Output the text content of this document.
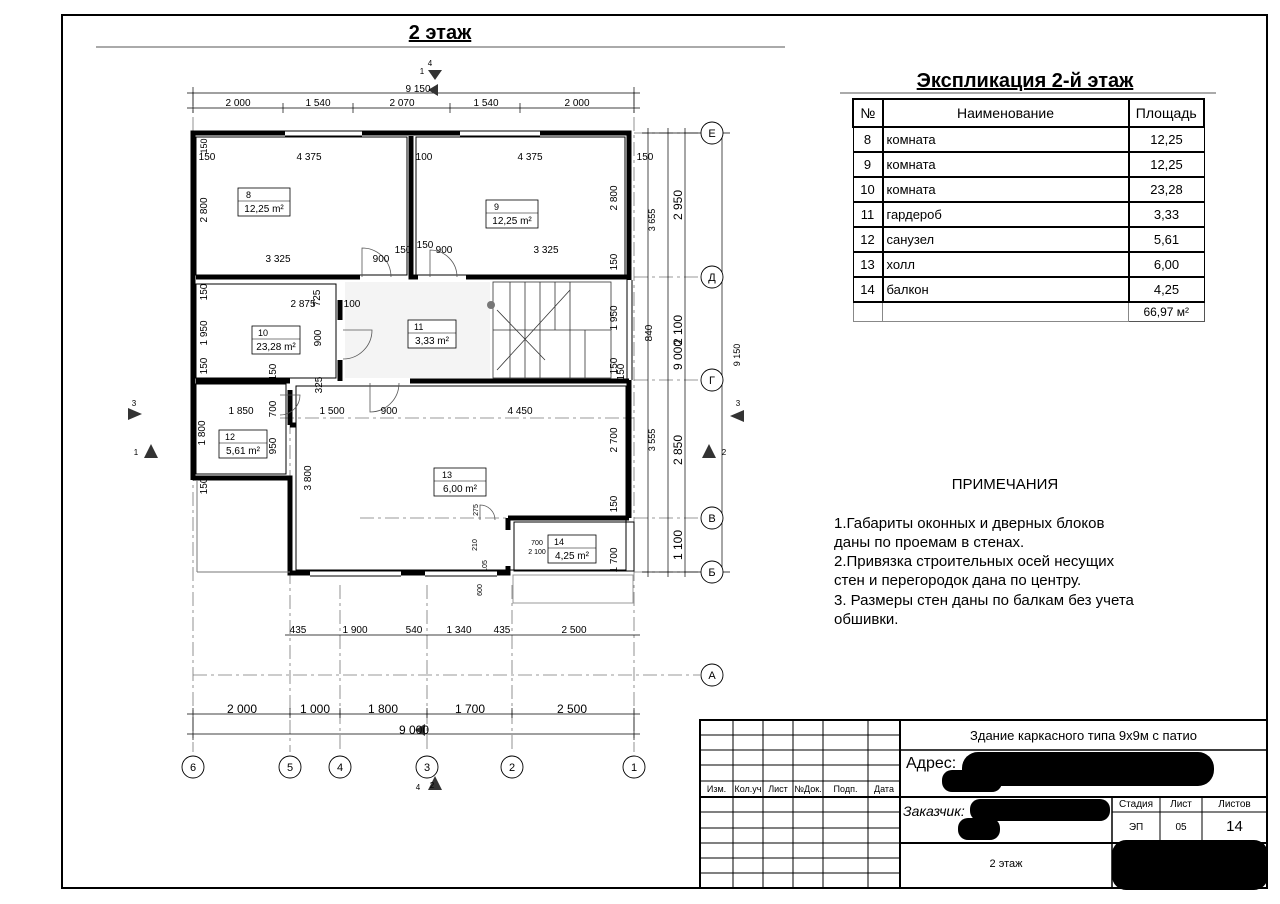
9 150
2 000	1 540	2 070	1 540	2 000
4 375	4 375
150	150
100
150
2 800	2 800
3 325
3 325
900
150 150 900
150
150
2 875
725 100
1 950	900
1 950
840
150
150
325
700
1 850	1 500	900	4 450
1 800
950
3 800
2 700
150
150
700
2 100
275
210
105
600
1 700
150	150
3 655
3 555
2 950
2 100
2 850
1 100
9 000	9 150
435	1 900	540 1 340 435	2 500
2 000	1 000	1 800	1 700	2 500
9 000
Е
Д
Г
В
Б
А
6	5	4	3	2	1
1
1	2
2
3	3
4
4
8
12,25 m²	9
12,25 m²
10
23,28 m²
11
3,33 m²
12
5,61 m²
13
6,00 m²
14
4,25 m²
2 этаж
Экспликация 2-й этаж
№	Наименование	Площадь
8	комната	12,25
9	комната	12,25
10	комната	23,28
11	гардероб	3,33
12	санузел	5,61
13	холл	6,00
14	балкон	4,25
		66,97 м²
ПРИМЕЧАНИЯ
1.Габариты оконных и дверных блоков
даны по проемам в стенах.
2.Привязка строительных осей несущих
стен и перегородок дана по центру.
3. Размеры стен даны по балкам без учета
обшивки.
Здание каркасного типа 9х9м с патио
Адрес:
Заказчик:
2 этаж
Изм. Кол.уч Лист №Док.	Подп.	Дата
Стадия	Лист	Листов
ЭП	05	14
